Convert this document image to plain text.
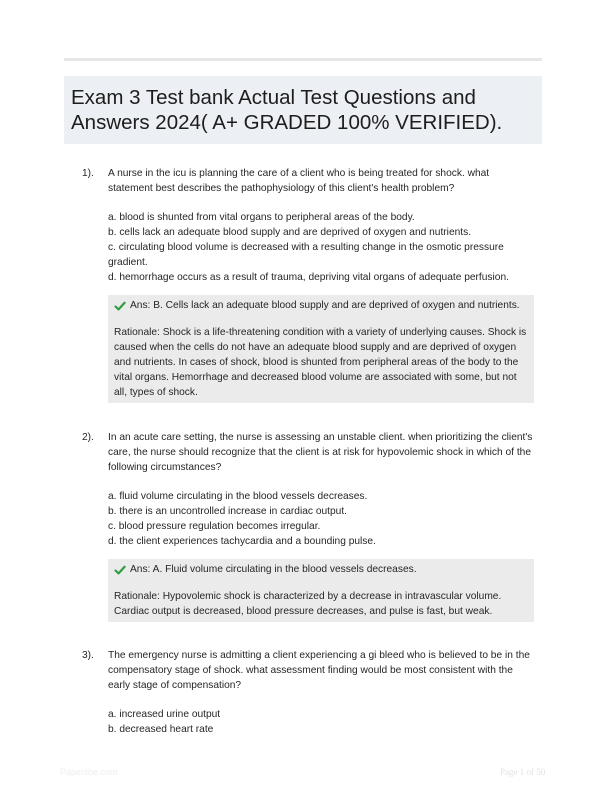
Exam 3 Test bank Actual Test Questions and Answers 2024( A+ GRADED 100% VERIFIED).
1). A nurse in the icu is planning the care of a client who is being treated for shock. what statement best describes the pathophysiology of this client's health problem?
a. blood is shunted from vital organs to peripheral areas of the body.
b. cells lack an adequate blood supply and are deprived of oxygen and nutrients.
c. circulating blood volume is decreased with a resulting change in the osmotic pressure gradient.
d. hemorrhage occurs as a result of trauma, depriving vital organs of adequate perfusion.
Ans: B. Cells lack an adequate blood supply and are deprived of oxygen and nutrients.
Rationale: Shock is a life-threatening condition with a variety of underlying causes. Shock is caused when the cells do not have an adequate blood supply and are deprived of oxygen and nutrients. In cases of shock, blood is shunted from peripheral areas of the body to the vital organs. Hemorrhage and decreased blood volume are associated with some, but not all, types of shock.
2). In an acute care setting, the nurse is assessing an unstable client. when prioritizing the client's care, the nurse should recognize that the client is at risk for hypovolemic shock in which of the following circumstances?
a. fluid volume circulating in the blood vessels decreases.
b. there is an uncontrolled increase in cardiac output.
c. blood pressure regulation becomes irregular.
d. the client experiences tachycardia and a bounding pulse.
Ans: A. Fluid volume circulating in the blood vessels decreases.
Rationale: Hypovolemic shock is characterized by a decrease in intravascular volume. Cardiac output is decreased, blood pressure decreases, and pulse is fast, but weak.
3). The emergency nurse is admitting a client experiencing a gi bleed who is believed to be in the compensatory stage of shock. what assessment finding would be most consistent with the early stage of compensation?
a. increased urine output
b. decreased heart rate
Paperlibe.com	Page 1 of 50
